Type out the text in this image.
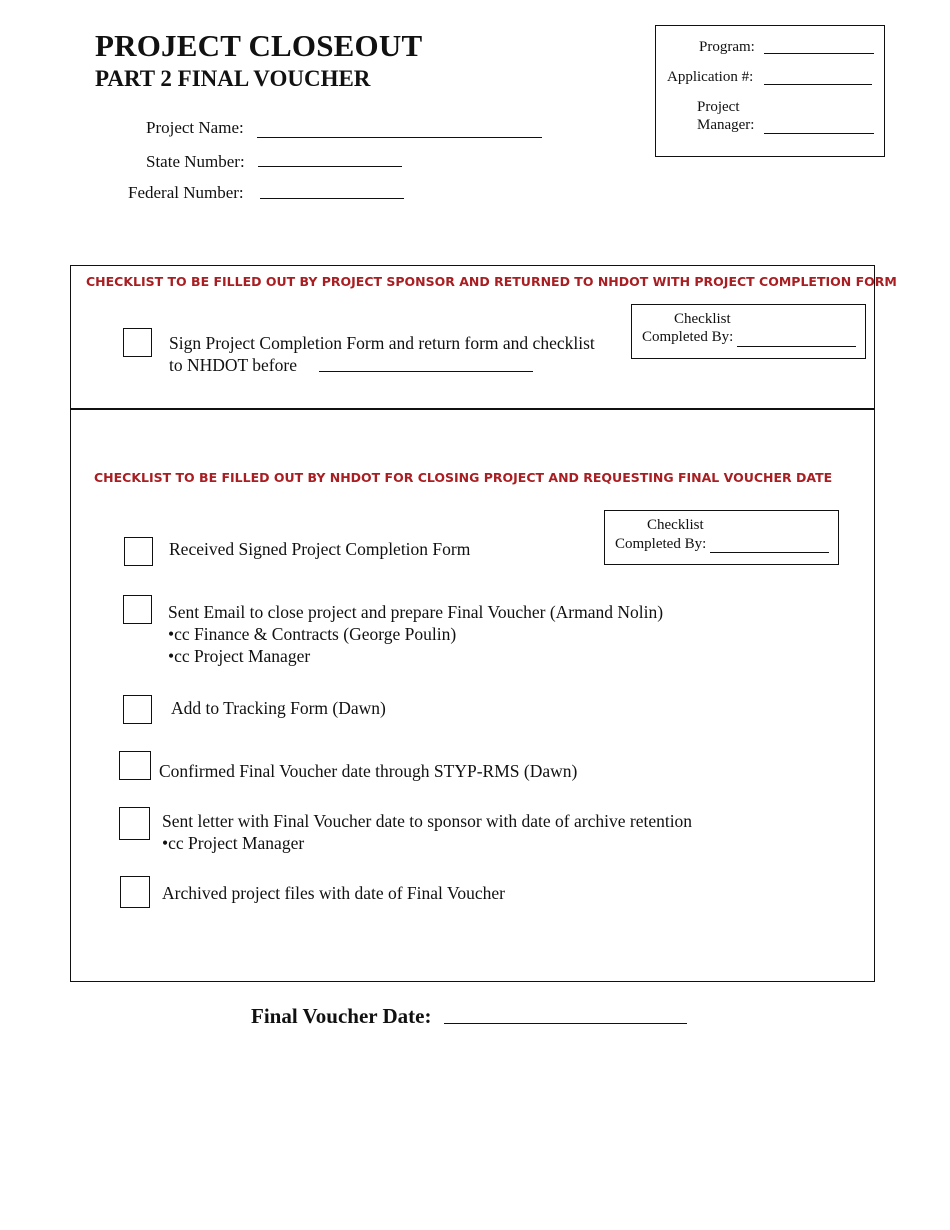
PROJECT CLOSEOUT
PART 2 FINAL VOUCHER
Project Name:
State Number:
Federal Number:
Program:
Application #:
Project
Manager:
CHECKLIST TO BE FILLED OUT BY PROJECT SPONSOR AND RETURNED TO NHDOT WITH PROJECT COMPLETION FORM
Checklist
Completed By:
Sign Project Completion Form and return form and checklist
to NHDOT before
CHECKLIST TO BE FILLED OUT BY NHDOT FOR CLOSING PROJECT AND REQUESTING FINAL VOUCHER DATE
Checklist
Completed By:
Received Signed Project Completion Form
Sent Email to close project and prepare Final Voucher (Armand Nolin)
•cc Finance & Contracts (George Poulin)
•cc Project Manager
Add to Tracking Form (Dawn)
Confirmed Final Voucher date through STYP-RMS (Dawn)
Sent letter with Final Voucher date to sponsor with date of archive retention
•cc Project Manager
Archived project files with date of Final Voucher
Final Voucher Date:
